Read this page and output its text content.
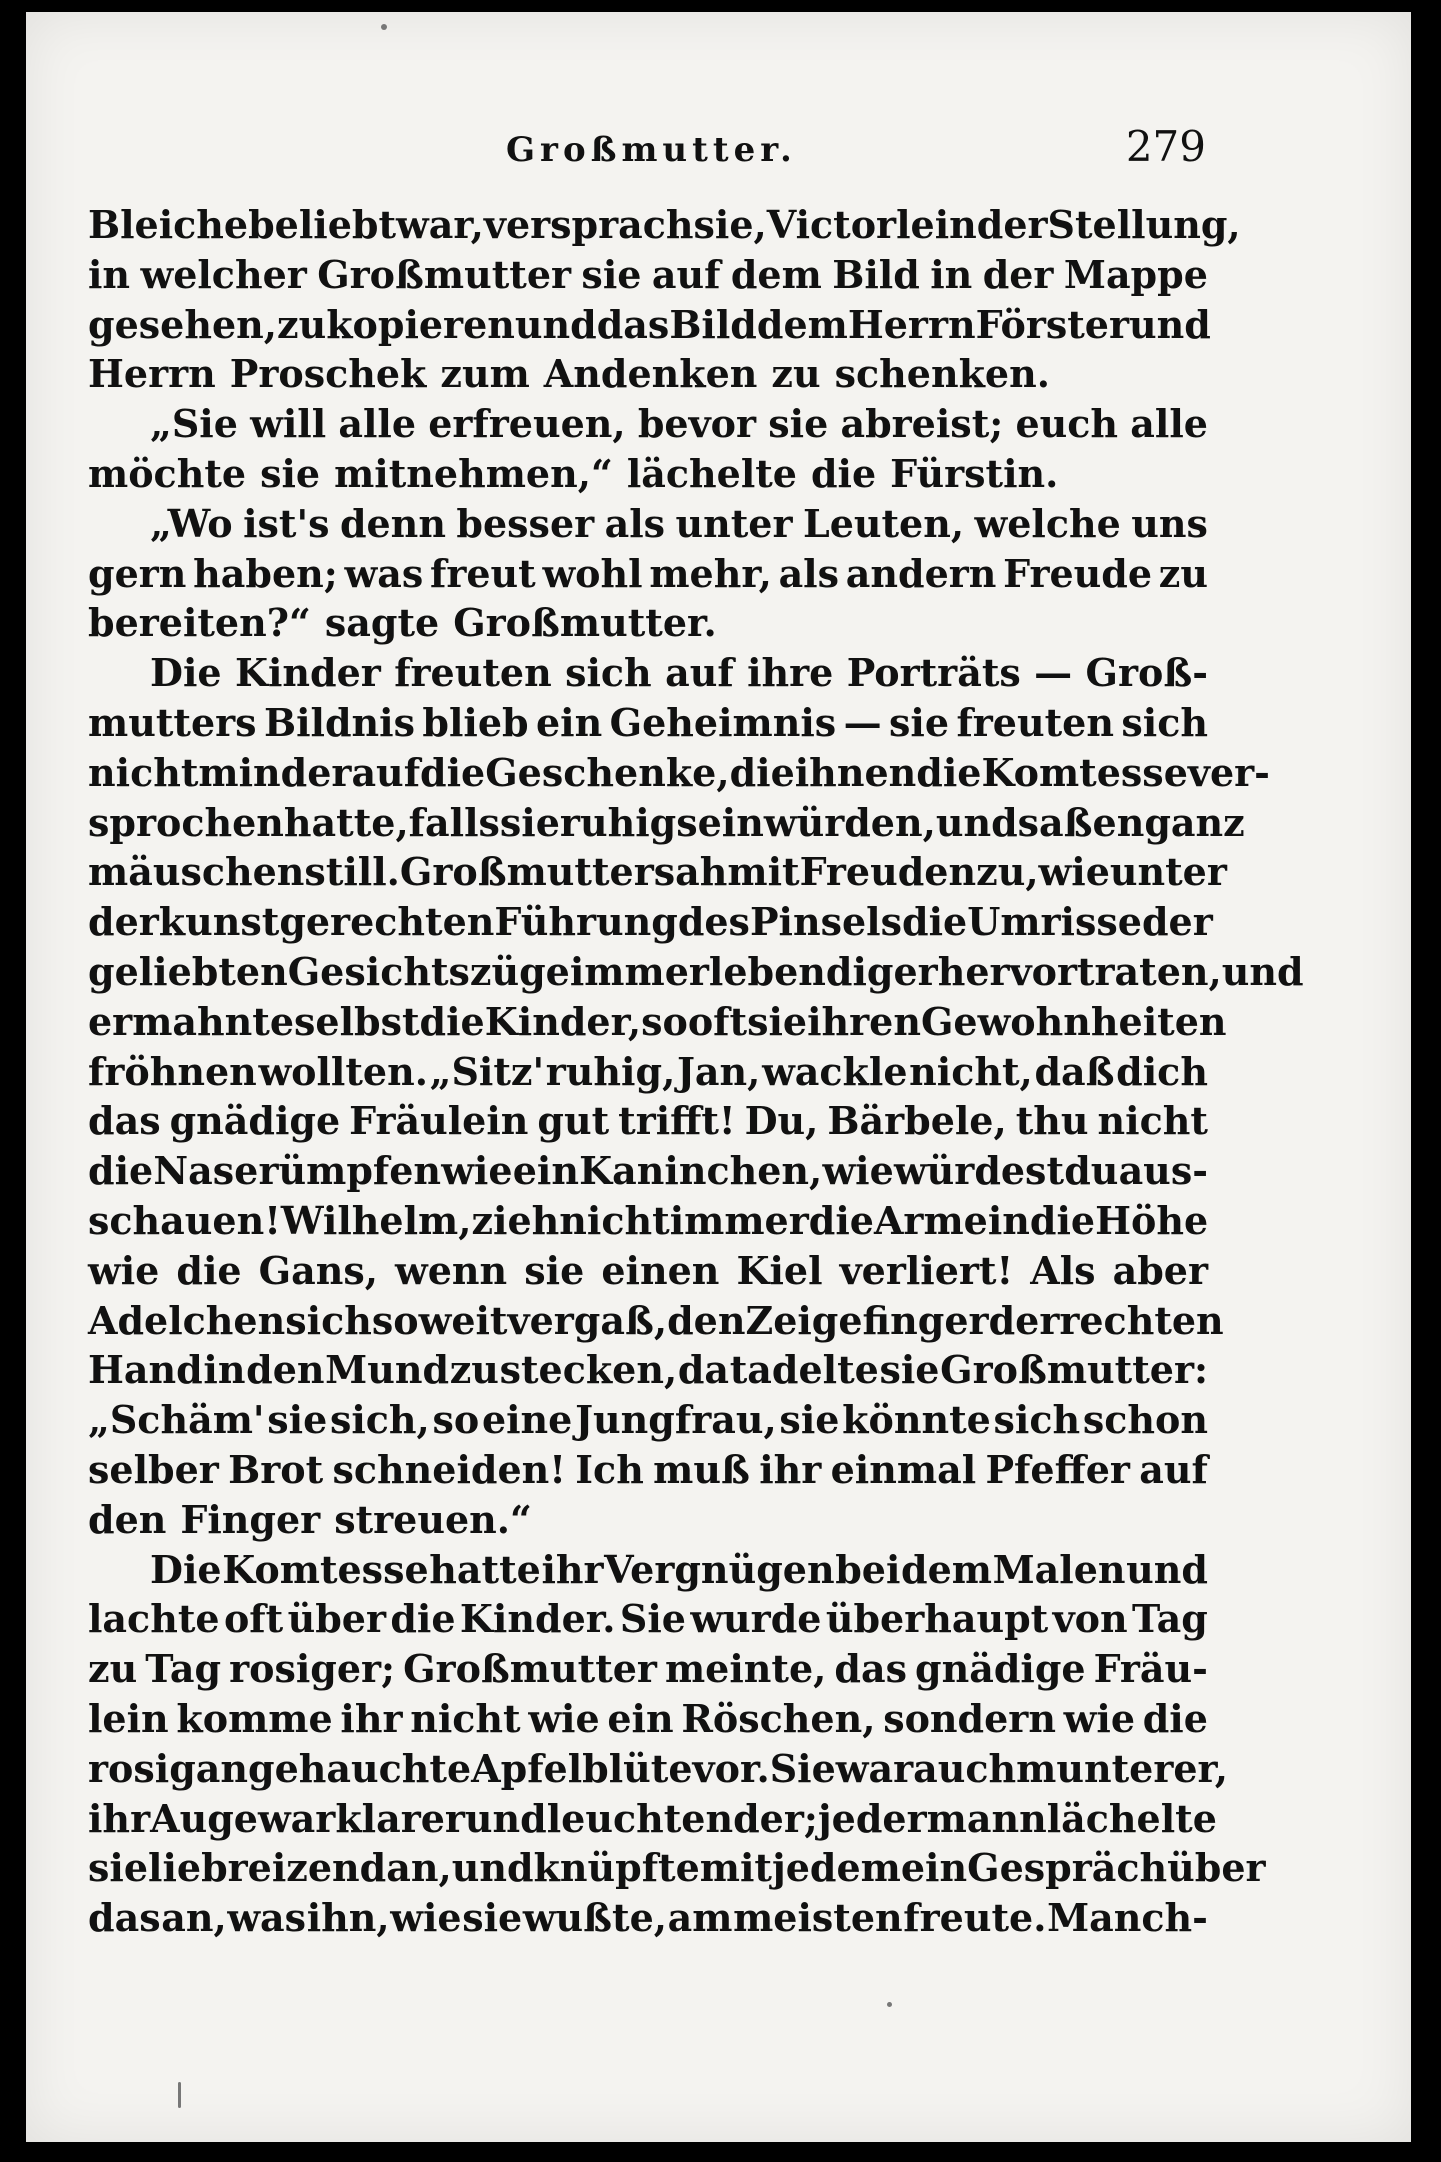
Großmutter.	279
Bleiche beliebt war, versprach sie, Victorle in der Stellung,
in welcher Großmutter sie auf dem Bild in der Mappe
gesehen, zu kopieren und das Bild dem Herrn Förster und
Herrn Proschek zum Andenken zu schenken.
„Sie will alle erfreuen, bevor sie abreist; euch alle
möchte sie mitnehmen,“ lächelte die Fürstin.
„Wo ist's denn besser als unter Leuten, welche uns
gern haben; was freut wohl mehr, als andern Freude zu
bereiten?“ sagte Großmutter.
Die Kinder freuten sich auf ihre Porträts — Groß-
mutters Bildnis blieb ein Geheimnis — sie freuten sich
nicht minder auf die Geschenke, die ihnen die Komtesse ver-
sprochen hatte, falls sie ruhig sein würden, und saßen ganz
mäuschenstill. Großmutter sah mit Freuden zu, wie unter
der kunstgerechten Führung des Pinsels die Umrisse der
geliebten Gesichtszüge immer lebendiger hervortraten, und
ermahnte selbst die Kinder, so oft sie ihren Gewohnheiten
fröhnen wollten. „Sitz' ruhig, Jan, wackle nicht, daß dich
das gnädige Fräulein gut trifft! Du, Bärbele, thu nicht
die Nase rümpfen wie ein Kaninchen, wie würdest du aus-
schauen! Wilhelm, zieh nicht immer die Arme in die Höhe
wie die Gans, wenn sie einen Kiel verliert! Als aber
Adelchen sich so weit vergaß, den Zeigefinger der rechten
Hand in den Mund zu stecken, da tadelte sie Großmutter:
„Schäm' sie sich, so eine Jungfrau, sie könnte sich schon
selber Brot schneiden! Ich muß ihr einmal Pfeffer auf
den Finger streuen.“
Die Komtesse hatte ihr Vergnügen bei dem Malen und
lachte oft über die Kinder. Sie wurde überhaupt von Tag
zu Tag rosiger; Großmutter meinte, das gnädige Fräu-
lein komme ihr nicht wie ein Röschen, sondern wie die
rosig angehauchte Apfelblüte vor. Sie war auch munterer,
ihr Auge war klarer und leuchtender; jedermann lächelte
sie liebreizend an, und knüpfte mit jedem ein Gespräch über
das an, was ihn, wie sie wußte, am meisten freute. Manch-
